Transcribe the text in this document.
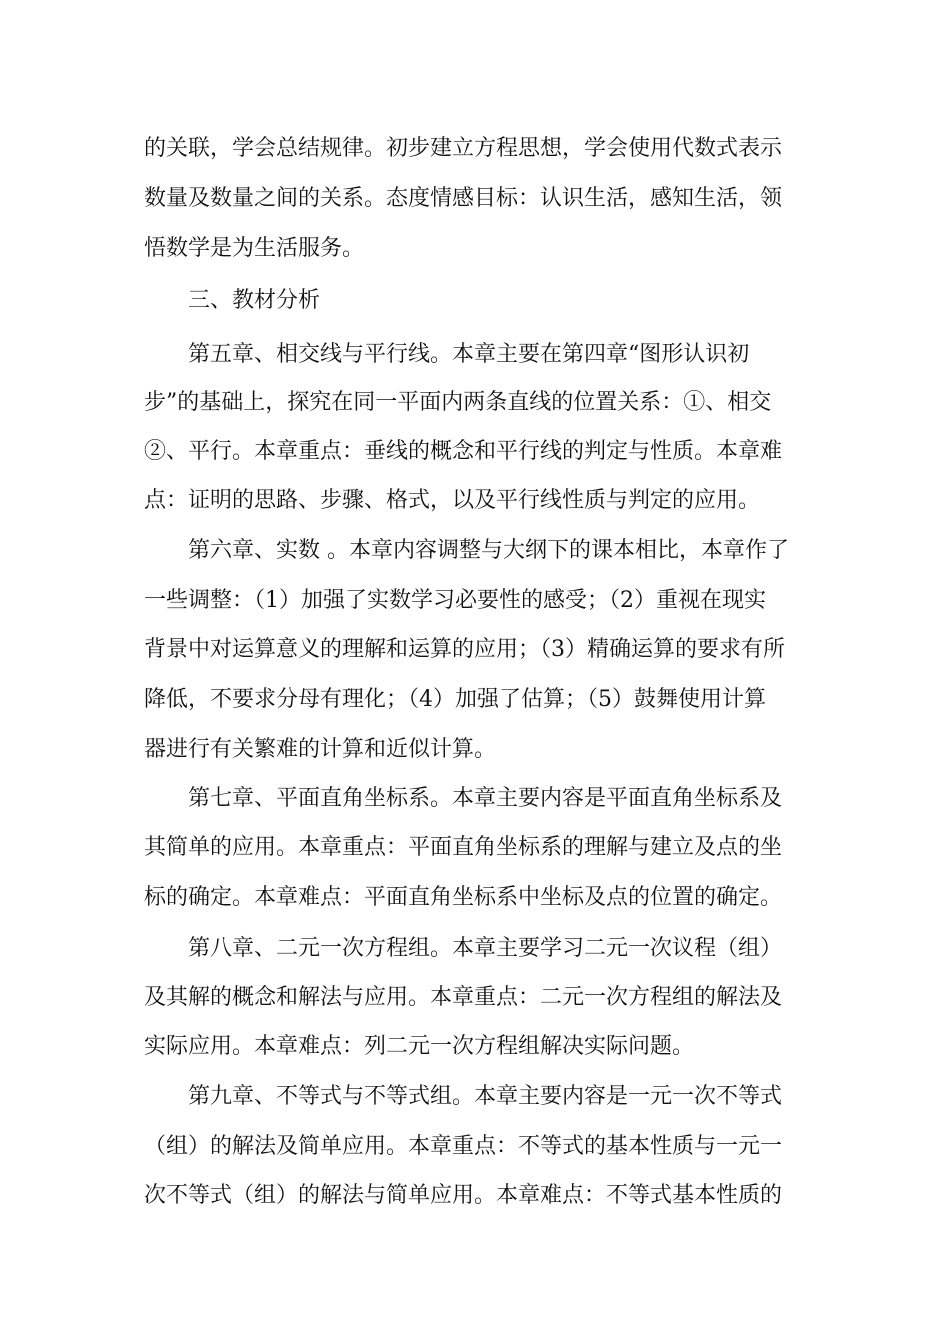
的关联，学会总结规律。初步建立方程思想，学会使用代数式表示

数量及数量之间的关系。态度情感目标：认识生活，感知生活，领

悟数学是为生活服务。

三、教材分析

第五章、相交线与平行线。本章主要在第四章“图形认识初

步”的基础上，探究在同一平面内两条直线的位置关系：①、相交

②、平行。本章重点：垂线的概念和平行线的判定与性质。本章难

点：证明的思路、步骤、格式，以及平行线性质与判定的应用。

第六章、实数 。本章内容调整与大纲下的课本相比，本章作了

一些调整：（1）加强了实数学习必要性的感受；（2）重视在现实

背景中对运算意义的理解和运算的应用；（3）精确运算的要求有所

降低，不要求分母有理化；（4）加强了估算；（5）鼓舞使用计算

器进行有关繁难的计算和近似计算。

第七章、平面直角坐标系。本章主要内容是平面直角坐标系及

其简单的应用。本章重点：平面直角坐标系的理解与建立及点的坐

标的确定。本章难点：平面直角坐标系中坐标及点的位置的确定。

第八章、二元一次方程组。本章主要学习二元一次议程（组）

及其解的概念和解法与应用。本章重点：二元一次方程组的解法及

实际应用。本章难点：列二元一次方程组解决实际问题。

第九章、不等式与不等式组。本章主要内容是一元一次不等式

（组）的解法及简单应用。本章重点：不等式的基本性质与一元一

次不等式（组）的解法与简单应用。本章难点：不等式基本性质的
